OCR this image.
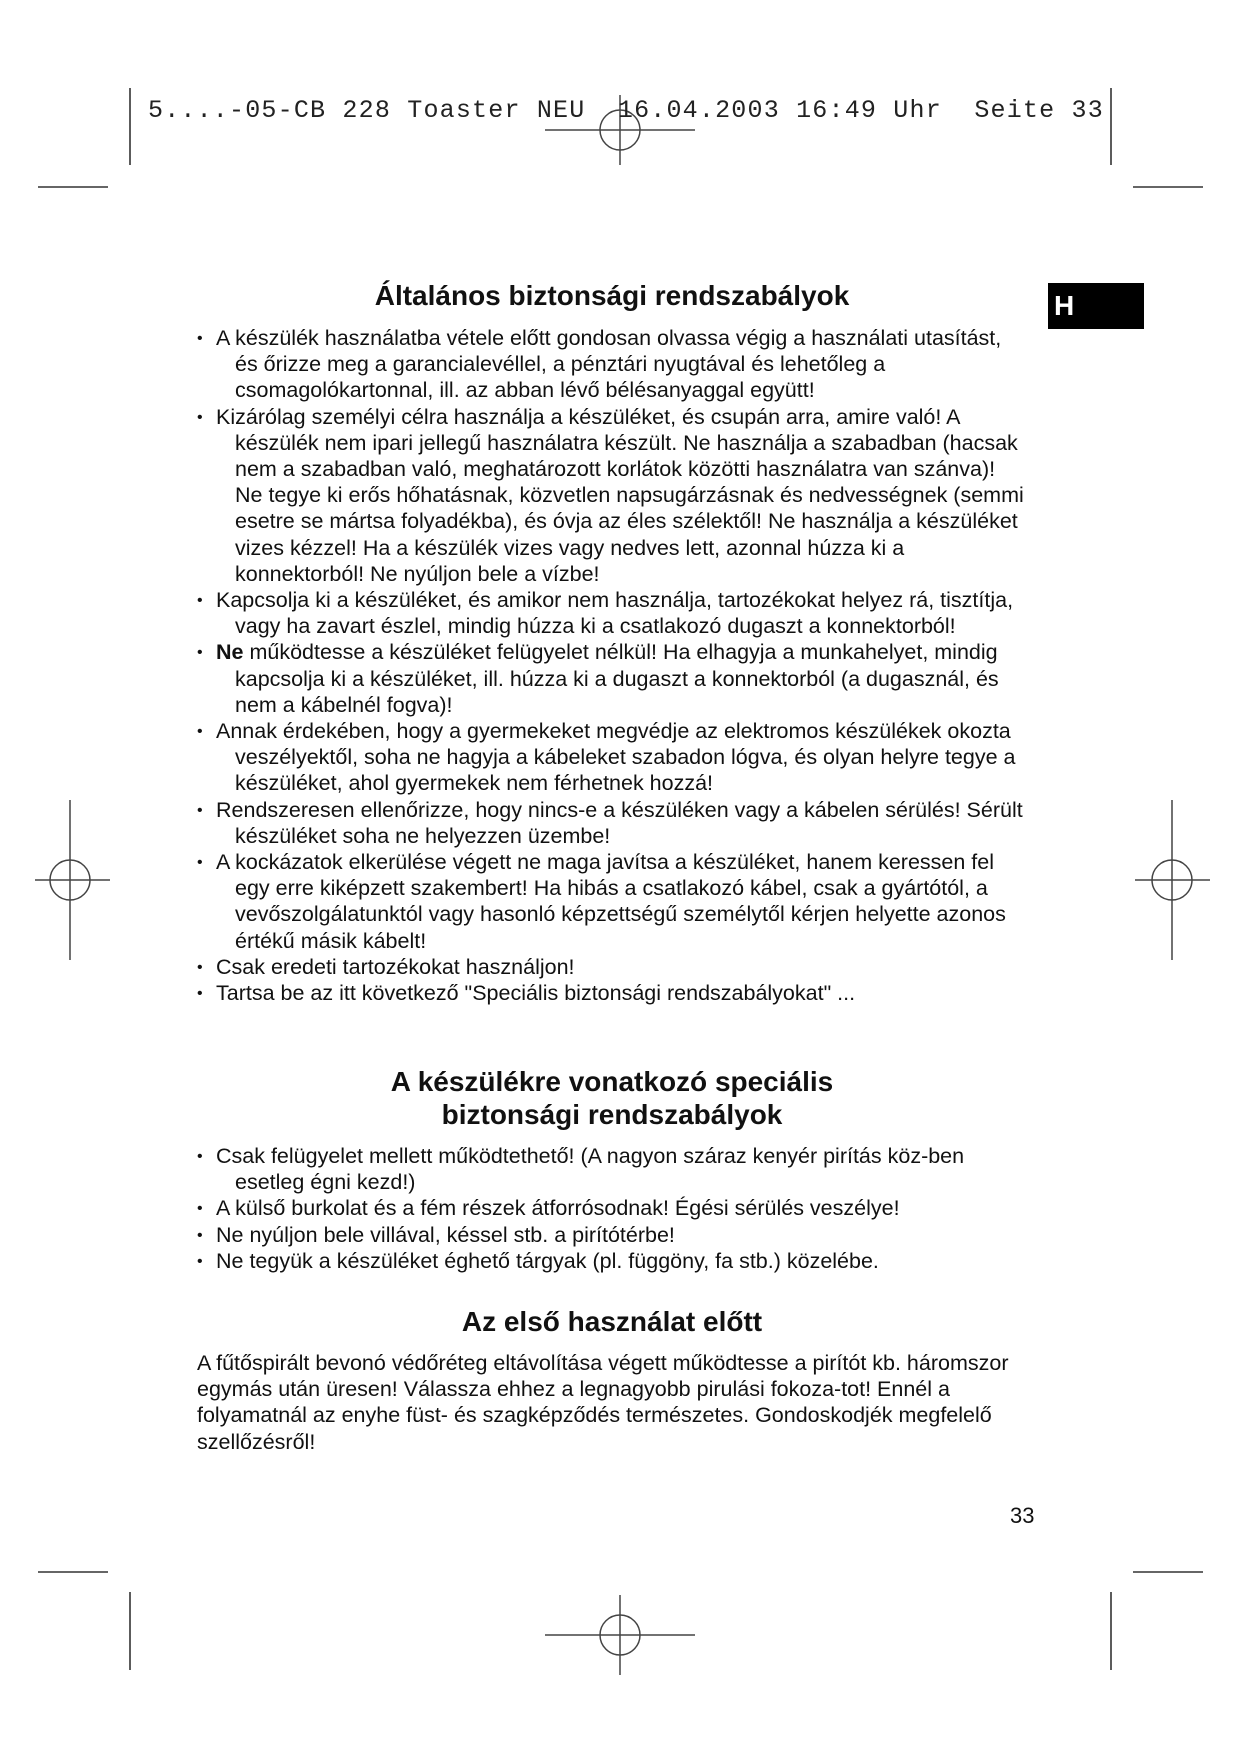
5....-05-CB 228 Toaster NEU  16.04.2003 16:49 Uhr  Seite 33
H
Általános biztonsági rendszabályok
• A készülék használatba vétele előtt gondosan olvassa végig a használati utasítást, és őrizze meg a garancialevéllel, a pénztári nyugtával és lehetőleg a csomagolókartonnal, ill. az abban lévő bélésanyaggal együtt!
• Kizárólag személyi célra használja a készüléket, és csupán arra, amire való! A készülék nem ipari jellegű használatra készült. Ne használja a szabadban (hacsak nem a szabadban való, meghatározott korlátok közötti használatra van szánva)! Ne tegye ki erős hőhatásnak, közvetlen napsugárzásnak és nedvességnek (semmi esetre se mártsa folyadékba), és óvja az éles szélektől! Ne használja a készüléket vizes kézzel! Ha a készülék vizes vagy nedves lett, azonnal húzza ki a konnektorból! Ne nyúljon bele a vízbe!
• Kapcsolja ki a készüléket, és amikor nem használja, tartozékokat helyez rá, tisztítja, vagy ha zavart észlel, mindig húzza ki a csatlakozó dugaszt a konnektorból!
• Ne működtesse a készüléket felügyelet nélkül! Ha elhagyja a munkahelyet, mindig kapcsolja ki a készüléket, ill. húzza ki a dugaszt a konnektorból (a dugasznál, és nem a kábelnél fogva)!
• Annak érdekében, hogy a gyermekeket megvédje az elektromos készülékek okozta veszélyektől, soha ne hagyja a kábeleket szabadon lógva, és olyan helyre tegye a készüléket, ahol gyermekek nem férhetnek hozzá!
• Rendszeresen ellenőrizze, hogy nincs-e a készüléken vagy a kábelen sérülés! Sérült készüléket soha ne helyezzen üzembe!
• A kockázatok elkerülése végett ne maga javítsa a készüléket, hanem keressen fel egy erre kiképzett szakembert! Ha hibás a csatlakozó kábel, csak a gyártótól, a vevőszolgálatunktól vagy hasonló képzettségű személytől kérjen helyette azonos értékű másik kábelt!
• Csak eredeti tartozékokat használjon!
• Tartsa be az itt következő "Speciális biztonsági rendszabályokat" ...
A készülékre vonatkozó speciális
biztonsági rendszabályok
• Csak felügyelet mellett működtethető! (A nagyon száraz kenyér pirítás köz-ben esetleg égni kezd!)
• A külső burkolat és a fém részek átforrósodnak! Égési sérülés veszélye!
• Ne nyúljon bele villával, késsel stb. a pirítótérbe!
• Ne tegyük a készüléket éghető tárgyak (pl. függöny, fa stb.) közelébe.
Az első használat előtt

A fűtőspirált bevonó védőréteg eltávolítása végett működtesse a pirítót kb. háromszor egymás után üresen! Válassza ehhez a legnagyobb pirulási fokoza-tot! Ennél a folyamatnál az enyhe füst- és szagképződés természetes. Gondoskodjék megfelelő szellőzésről!

33
